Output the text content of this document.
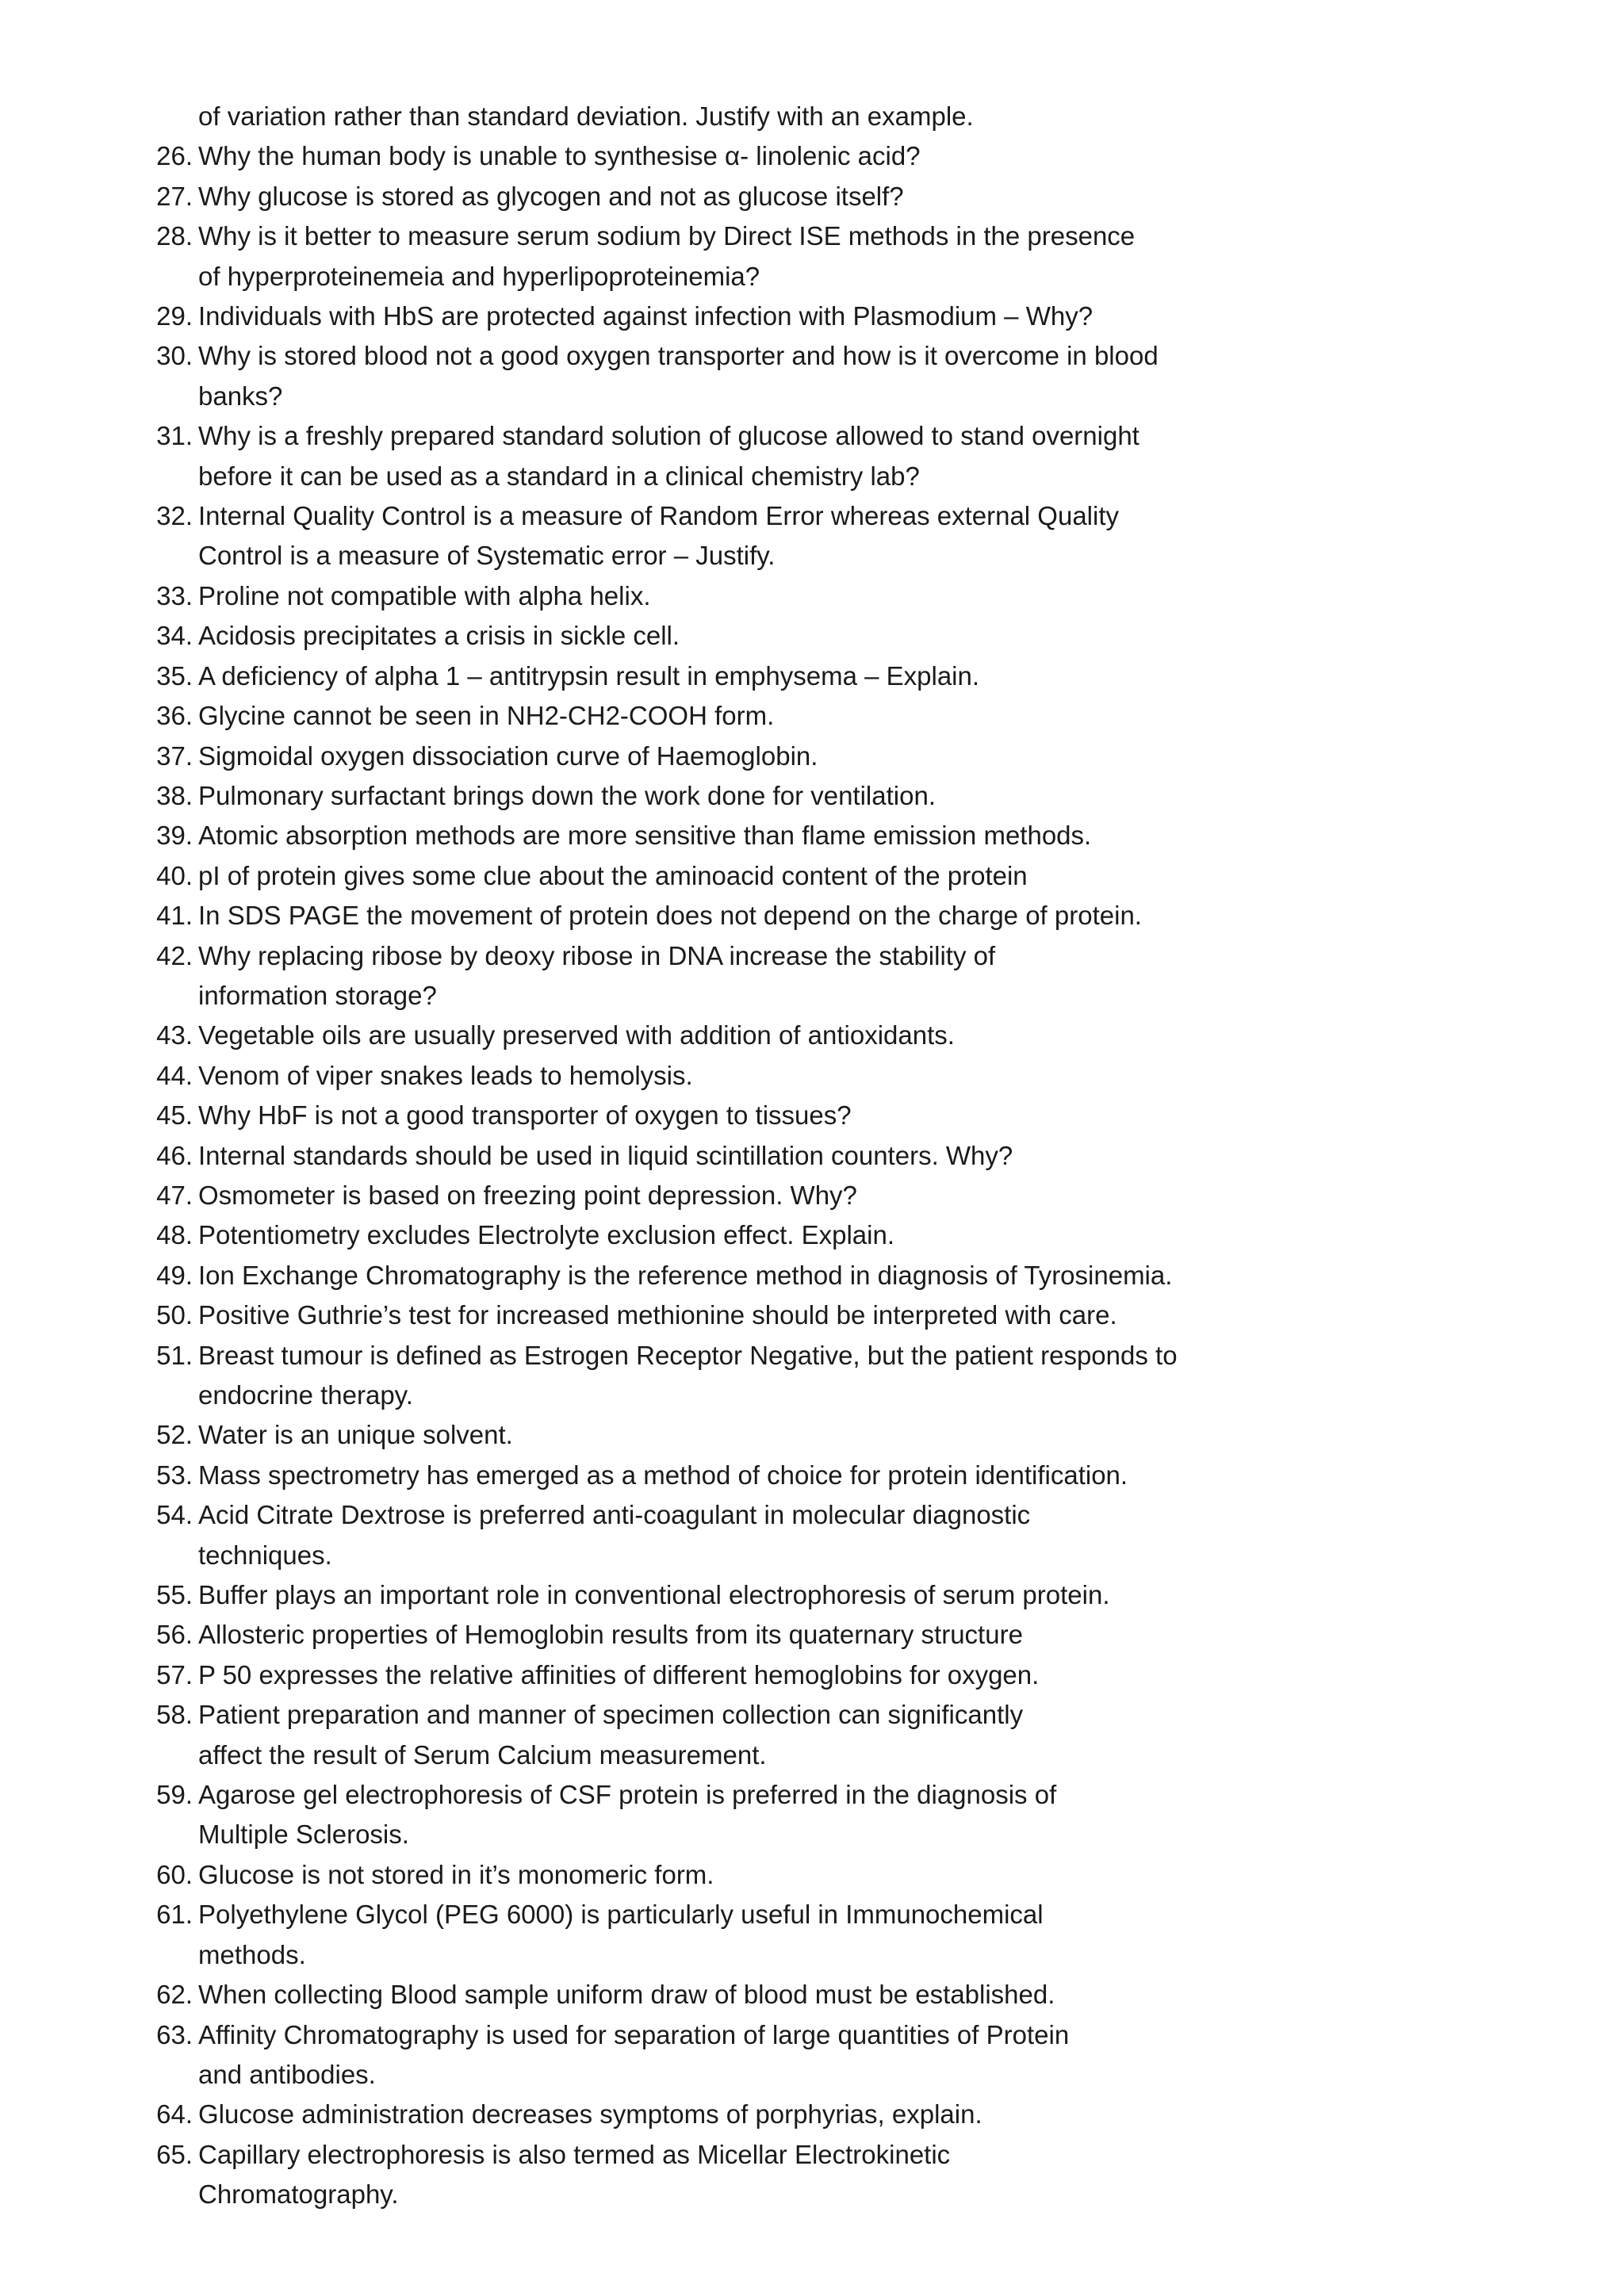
of variation rather than standard deviation. Justify with an example.
26. Why the human body is unable to synthesise α- linolenic acid?
27. Why glucose is stored as glycogen and not as glucose itself?
28. Why is it better to measure serum sodium by Direct ISE methods in the presence
of hyperproteinemeia and hyperlipoproteinemia?
29. Individuals with HbS are protected against infection with Plasmodium – Why?
30. Why is stored blood not a good oxygen transporter and how is it overcome in blood
banks?
31. Why is a freshly prepared standard solution of glucose allowed to stand overnight
before it can be used as a standard in a clinical chemistry lab?
32. Internal Quality Control is a measure of Random Error whereas external Quality
Control is a measure of Systematic error – Justify.
33. Proline not compatible with alpha helix.
34. Acidosis precipitates a crisis in sickle cell.
35. A deficiency of alpha 1 – antitrypsin result in emphysema – Explain.
36. Glycine cannot be seen in NH2-CH2-COOH form.
37. Sigmoidal oxygen dissociation curve of Haemoglobin.
38. Pulmonary surfactant brings down the work done for ventilation.
39. Atomic absorption methods are more sensitive than flame emission methods.
40. pI of protein gives some clue about the aminoacid content of the protein
41. In SDS PAGE the movement of protein does not depend on the charge of protein.
42. Why replacing ribose by deoxy ribose in DNA increase the stability of
information storage?
43. Vegetable oils are usually preserved with addition of antioxidants.
44. Venom of viper snakes leads to hemolysis.
45. Why HbF is not a good transporter of oxygen to tissues?
46. Internal standards should be used in liquid scintillation counters. Why?
47. Osmometer is based on freezing point depression. Why?
48. Potentiometry excludes Electrolyte exclusion effect. Explain.
49. Ion Exchange Chromatography is the reference method in diagnosis of Tyrosinemia.
50. Positive Guthrie’s test for increased methionine should be interpreted with care.
51. Breast tumour is defined as Estrogen Receptor Negative, but the patient responds to
endocrine therapy.
52. Water is an unique solvent.
53. Mass spectrometry has emerged as a method of choice for protein identification.
54. Acid Citrate Dextrose is preferred anti-coagulant in molecular diagnostic
techniques.
55. Buffer plays an important role in conventional electrophoresis of serum protein.
56. Allosteric properties of Hemoglobin results from its quaternary structure
57. P 50 expresses the relative affinities of different hemoglobins for oxygen.
58. Patient preparation and manner of specimen collection can significantly
affect the result of Serum Calcium measurement.
59. Agarose gel electrophoresis of CSF protein is preferred in the diagnosis of
Multiple Sclerosis.
60. Glucose is not stored in it’s monomeric form.
61. Polyethylene Glycol (PEG 6000) is particularly useful in Immunochemical
methods.
62. When collecting Blood sample uniform draw of blood must be established.
63. Affinity Chromatography is used for separation of large quantities of Protein
and antibodies.
64. Glucose administration decreases symptoms of porphyrias, explain.
65. Capillary electrophoresis is also termed as Micellar Electrokinetic
Chromatography.
